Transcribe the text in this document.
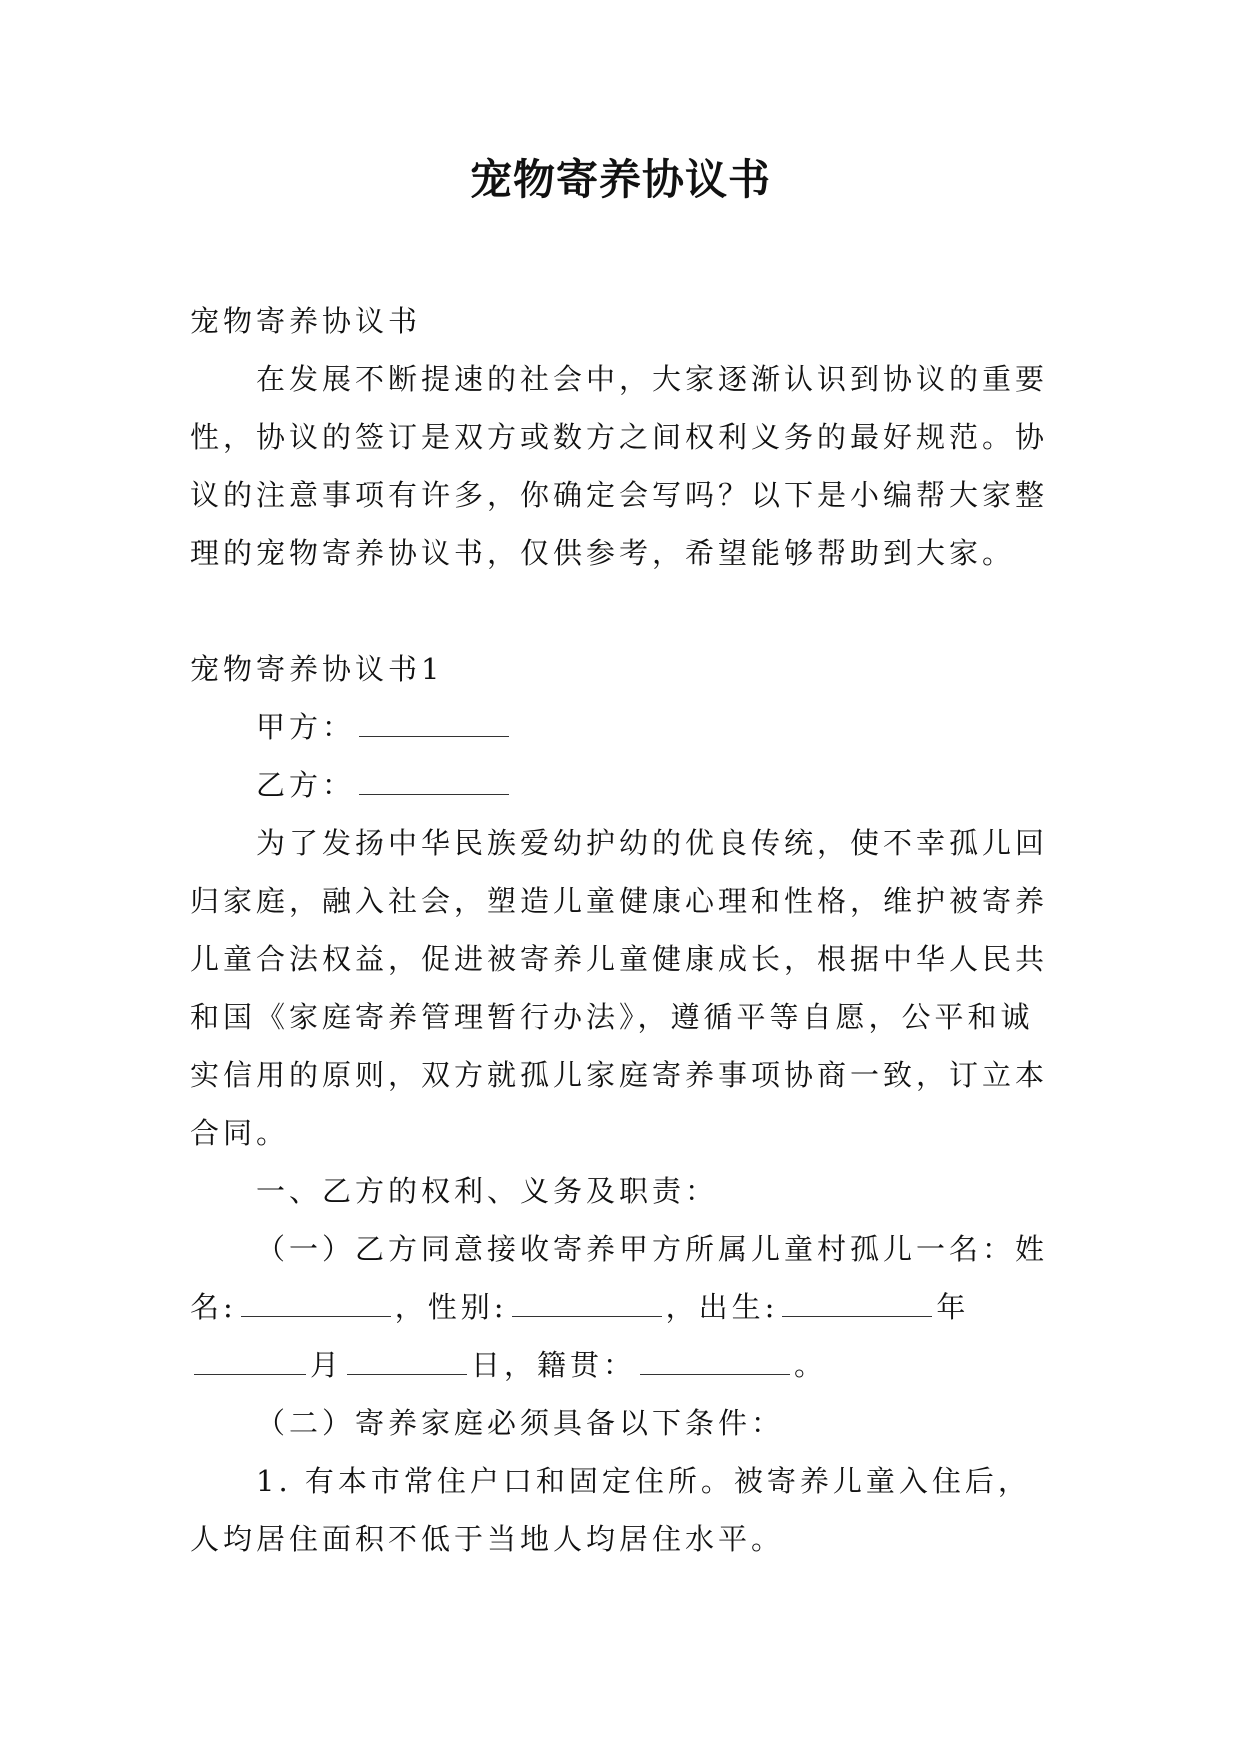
宠物寄养协议书

宠物寄养协议书

在发展不断提速的社会中，大家逐渐认识到协议的重要性，协议的签订是双方或数方之间权利义务的最好规范。协议的注意事项有许多，你确定会写吗？以下是小编帮大家整理的宠物寄养协议书，仅供参考，希望能够帮助到大家。

宠物寄养协议书1

甲方：

乙方：

为了发扬中华民族爱幼护幼的优良传统，使不幸孤儿回归家庭，融入社会，塑造儿童健康心理和性格，维护被寄养儿童合法权益，促进被寄养儿童健康成长，根据中华人民共和国《家庭寄养管理暂行办法》，遵循平等自愿，公平和诚实信用的原则，双方就孤儿家庭寄养事项协商一致，订立本合同。

一、乙方的权利、义务及职责：

（一）乙方同意接收寄养甲方所属儿童村孤儿一名：姓名:	，性别:	，出生:	年月	日，籍贯：	。

（二）寄养家庭必须具备以下条件：

1. 有本市常住户口和固定住所。被寄养儿童入住后，人均居住面积不低于当地人均居住水平。
